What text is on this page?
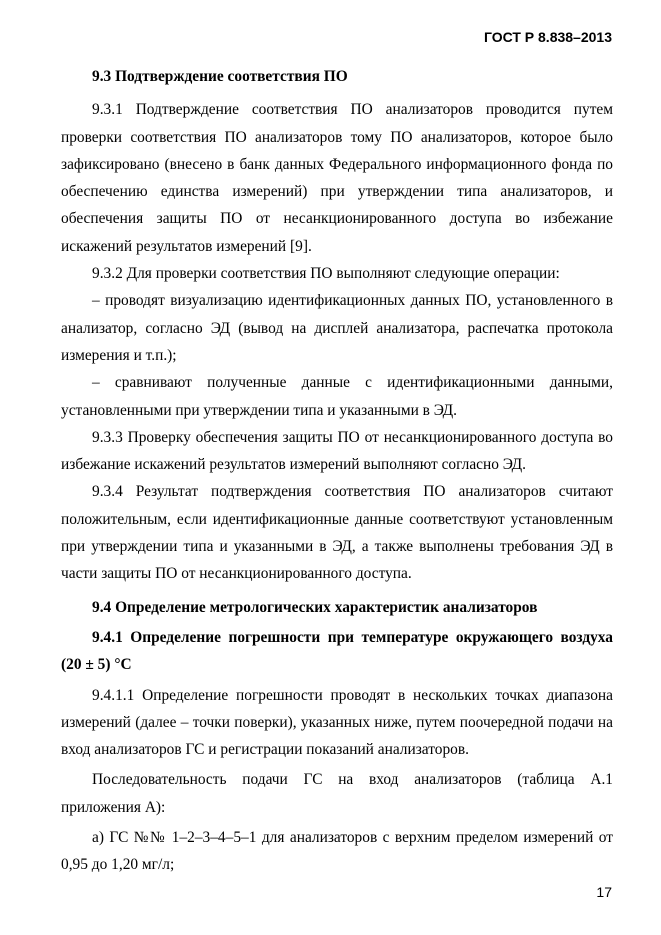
ГОСТ Р 8.838–2013

9.3 Подтверждение соответствия ПО

9.3.1 Подтверждение соответствия ПО анализаторов проводится путем проверки соответствия ПО анализаторов тому ПО анализаторов, которое было зафиксировано (внесено в банк данных Федерального информационного фонда по обеспечению единства измерений) при утверждении типа анализаторов, и обеспечения защиты ПО от несанкционированного доступа во избежание искажений результатов измерений [9].

9.3.2 Для проверки соответствия ПО выполняют следующие операции:

– проводят визуализацию идентификационных данных ПО, установленного в анализатор, согласно ЭД (вывод на дисплей анализатора, распечатка протокола измерения и т.п.);

– сравнивают полученные данные с идентификационными данными, установленными при утверждении типа и указанными в ЭД.

9.3.3 Проверку обеспечения защиты ПО от несанкционированного доступа во избежание искажений результатов измерений выполняют согласно ЭД.

9.3.4 Результат подтверждения соответствия ПО анализаторов считают положительным, если идентификационные данные соответствуют установленным при утверждении типа и указанными в ЭД, а также выполнены требования ЭД в части защиты ПО от несанкционированного доступа.

9.4 Определение метрологических характеристик анализаторов

9.4.1 Определение погрешности при температуре окружающего воздуха (20 ± 5) °С

9.4.1.1 Определение погрешности проводят в нескольких точках диапазона измерений (далее – точки поверки), указанных ниже, путем поочередной подачи на вход анализаторов ГС и регистрации показаний анализаторов.

Последовательность подачи ГС на вход анализаторов (таблица А.1 приложения А):

а) ГС №№ 1–2–3–4–5–1 для анализаторов с верхним пределом измерений от 0,95 до 1,20 мг/л;

17
